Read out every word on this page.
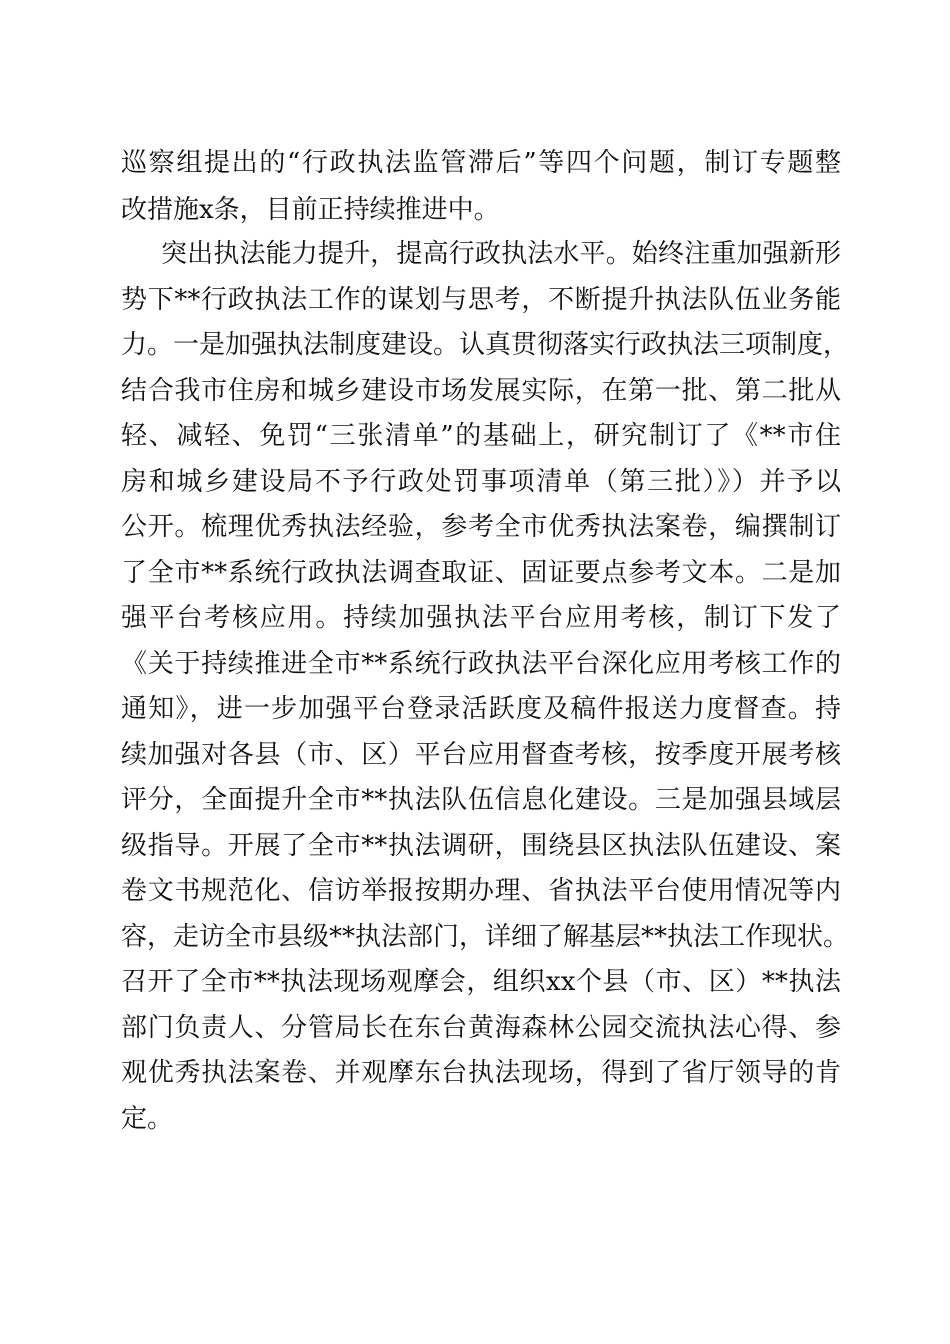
巡察组提出的“行政执法监管滞后”等四个问题，制订专题整
改措施x条，目前正持续推进中。
突出执法能力提升，提高行政执法水平。始终注重加强新形
势下**行政执法工作的谋划与思考，不断提升执法队伍业务能
力。一是加强执法制度建设。认真贯彻落实行政执法三项制度，
结合我市住房和城乡建设市场发展实际，在第一批、第二批从
轻、减轻、免罚“三张清单”的基础上，研究制订了《**市住
房和城乡建设局不予行政处罚事项清单（第三批）》）并予以
公开。梳理优秀执法经验，参考全市优秀执法案卷，编撰制订
了全市**系统行政执法调查取证、固证要点参考文本。二是加
强平台考核应用。持续加强执法平台应用考核，制订下发了
《关于持续推进全市**系统行政执法平台深化应用考核工作的
通知》，进一步加强平台登录活跃度及稿件报送力度督查。持
续加强对各县（市、区）平台应用督查考核，按季度开展考核
评分，全面提升全市**执法队伍信息化建设。三是加强县域层
级指导。开展了全市**执法调研，围绕县区执法队伍建设、案
卷文书规范化、信访举报按期办理、省执法平台使用情况等内
容，走访全市县级**执法部门，详细了解基层**执法工作现状。
召开了全市**执法现场观摩会，组织xx个县（市、区）**执法
部门负责人、分管局长在东台黄海森林公园交流执法心得、参
观优秀执法案卷、并观摩东台执法现场，得到了省厅领导的肯
定。
